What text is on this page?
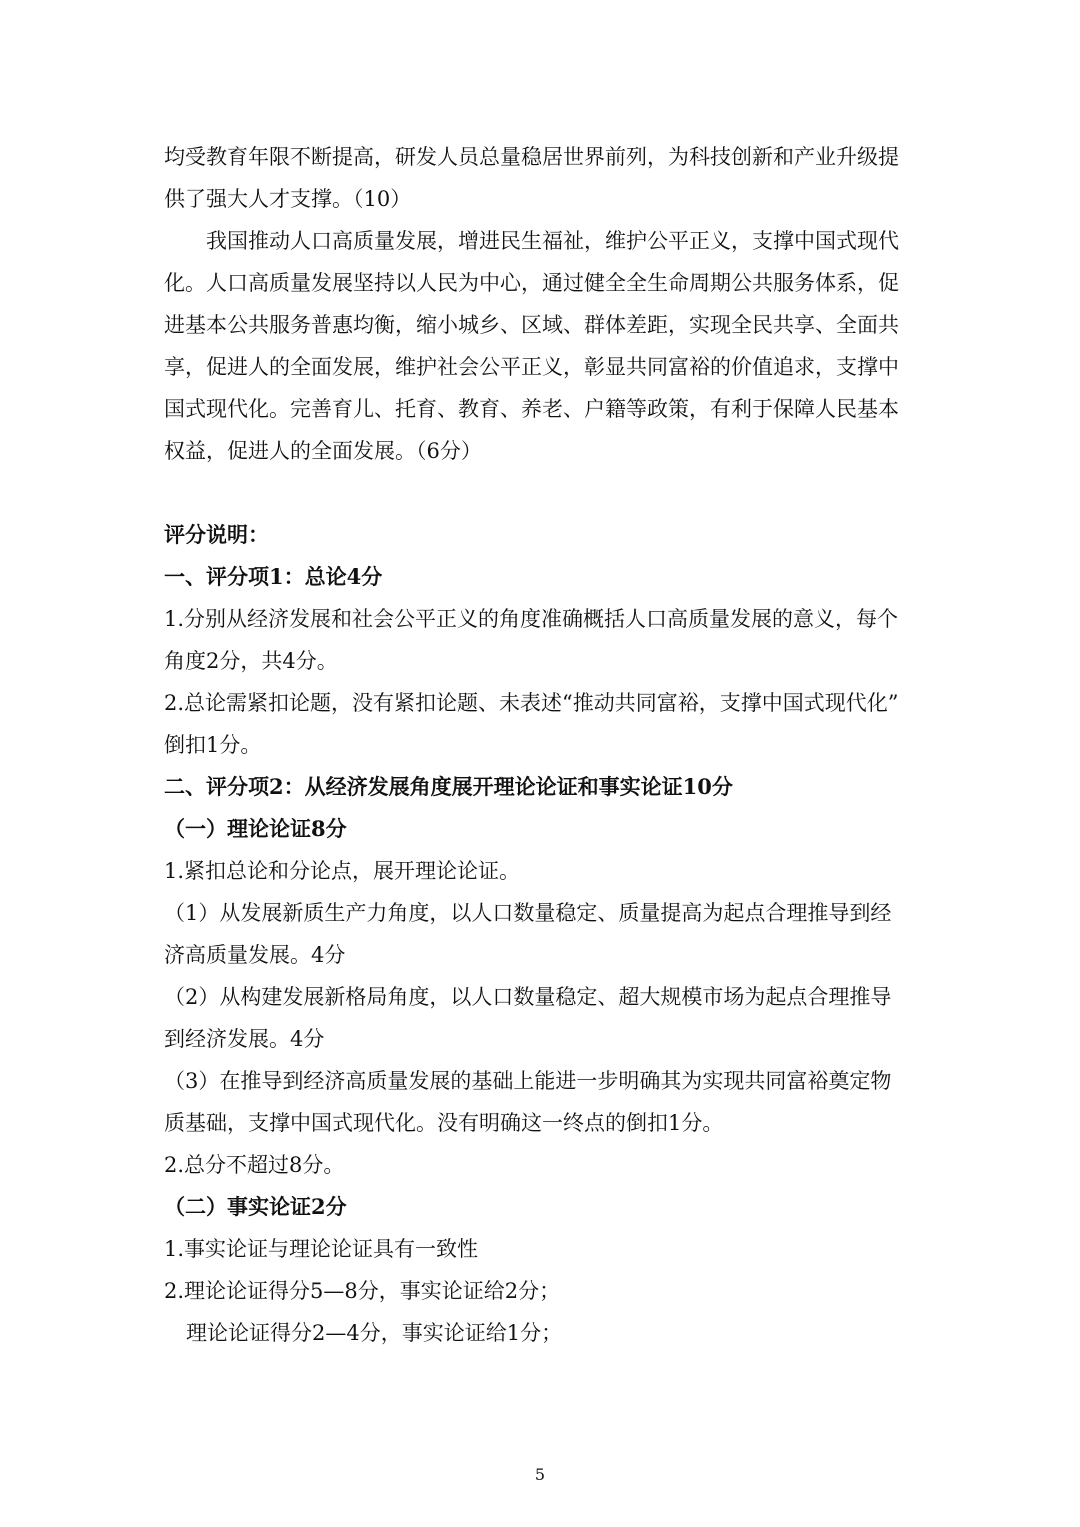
均受教育年限不断提高，研发人员总量稳居世界前列，为科技创新和产业升级提
供了强大人才支撑。（10）
我国推动人口高质量发展，增进民生福祉，维护公平正义，支撑中国式现代
化。人口高质量发展坚持以人民为中心，通过健全全生命周期公共服务体系，促
进基本公共服务普惠均衡，缩小城乡、区域、群体差距，实现全民共享、全面共
享，促进人的全面发展，维护社会公平正义，彰显共同富裕的价值追求，支撑中
国式现代化。完善育儿、托育、教育、养老、户籍等政策，有利于保障人民基本
权益，促进人的全面发展。（6分）
评分说明：
一、评分项1：总论4分
1.分别从经济发展和社会公平正义的角度准确概括人口高质量发展的意义，每个
角度2分，共4分。
2.总论需紧扣论题，没有紧扣论题、未表述“推动共同富裕，支撑中国式现代化”
倒扣1分。
二、评分项2：从经济发展角度展开理论论证和事实论证10分
（一）理论论证8分
1.紧扣总论和分论点，展开理论论证。
（1）从发展新质生产力角度，以人口数量稳定、质量提高为起点合理推导到经
济高质量发展。4分
（2）从构建发展新格局角度，以人口数量稳定、超大规模市场为起点合理推导
到经济发展。4分
（3）在推导到经济高质量发展的基础上能进一步明确其为实现共同富裕奠定物
质基础，支撑中国式现代化。没有明确这一终点的倒扣1分。
2.总分不超过8分。
（二）事实论证2分
1.事实论证与理论论证具有一致性
2.理论论证得分5—8分，事实论证给2分；
理论论证得分2—4分，事实论证给1分；
5
